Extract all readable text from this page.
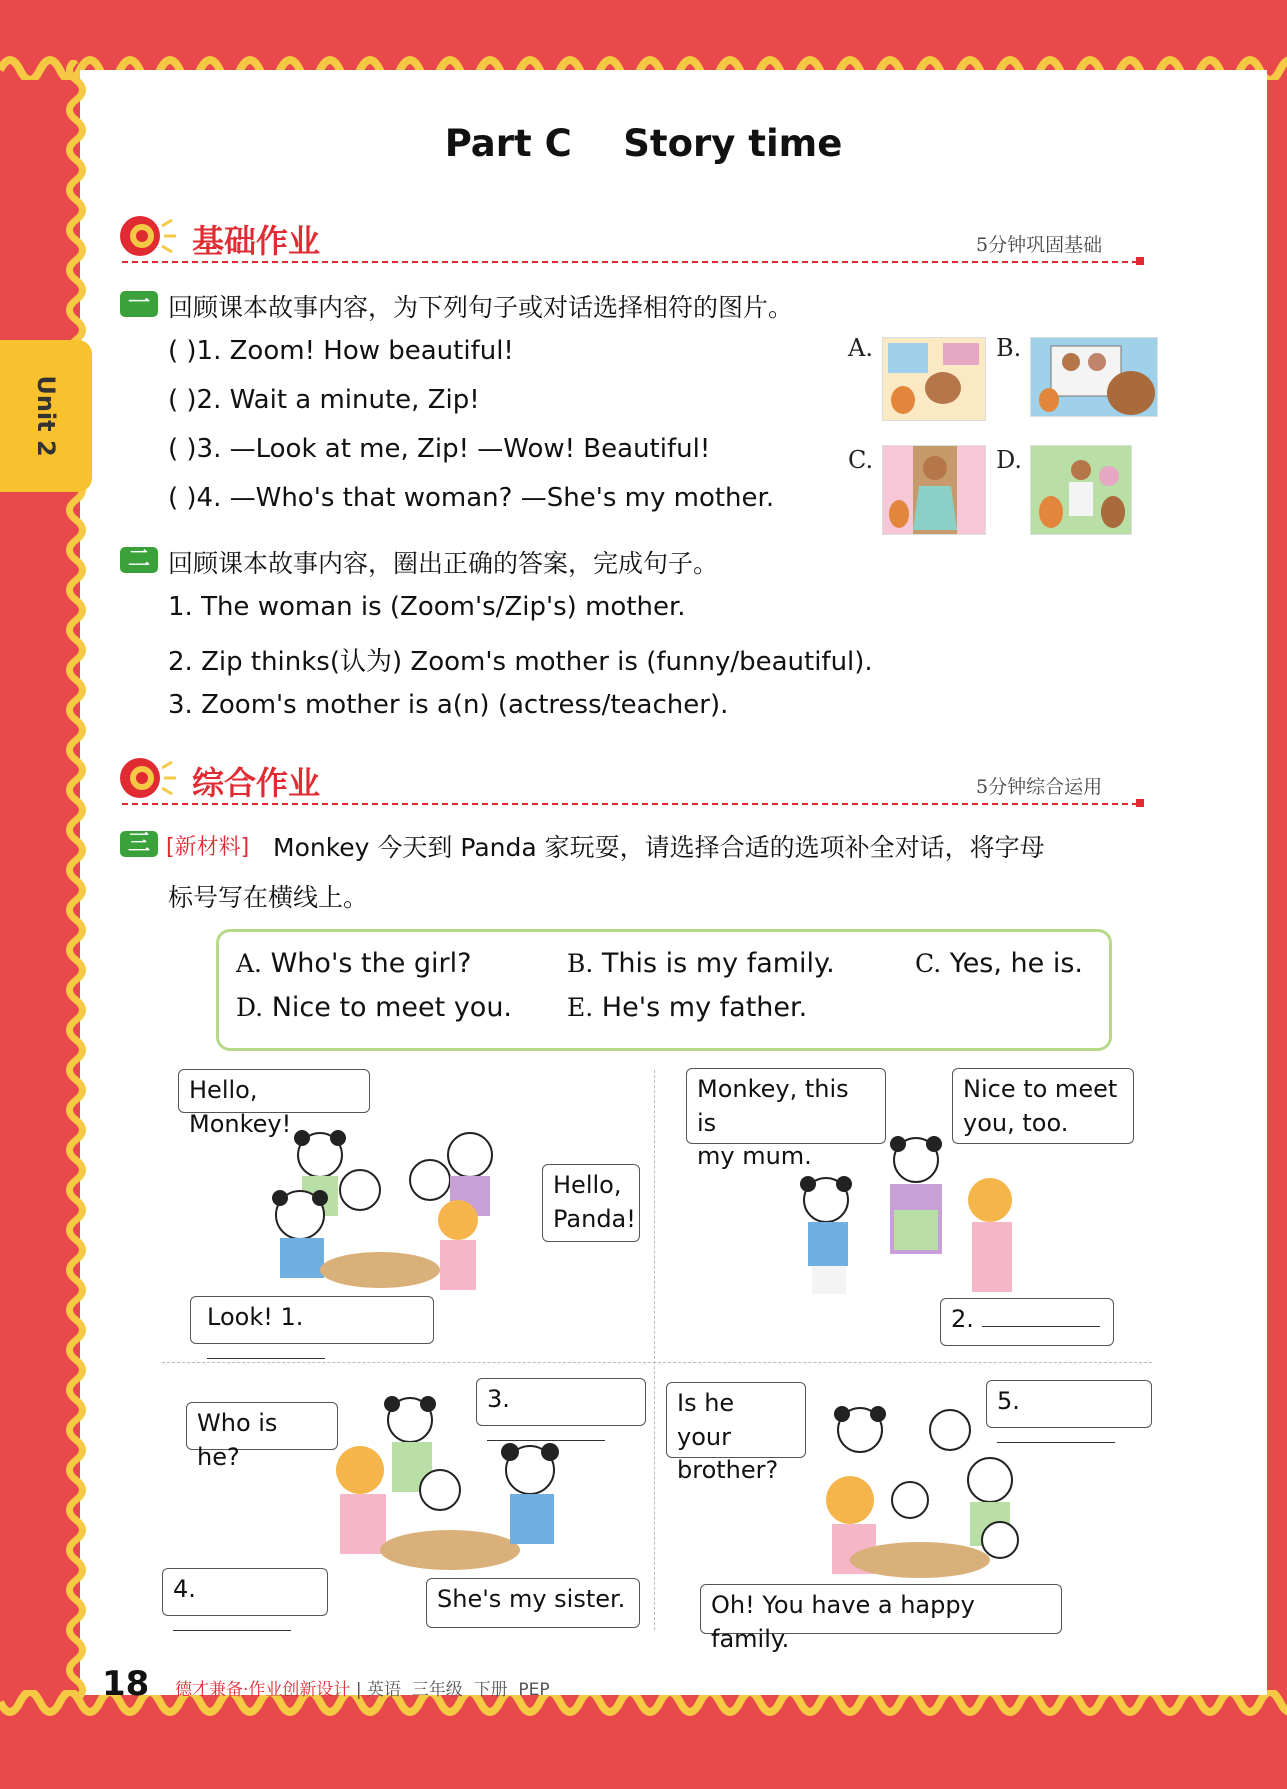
Unit 2
Part C    Story time
基础作业	5分钟巩固基础
一 回顾课本故事内容，为下列句子或对话选择相符的图片。
( )1. Zoom! How beautiful!
( )2. Wait a minute, Zip!
( )3. —Look at me, Zip! —Wow! Beautiful!
( )4. —Who's that woman? —She's my mother.
A.	B.
C.	D.
二 回顾课本故事内容，圈出正确的答案，完成句子。
1. The woman is (Zoom's/Zip's) mother.
2. Zip thinks(认为) Zoom's mother is (funny/beautiful).
3. Zoom's mother is a(n) (actress/teacher).
综合作业	5分钟综合运用
三 [新材料] Monkey 今天到 Panda 家玩耍，请选择合适的选项补全对话，将字母
标号写在横线上。
A. Who's the girl?	B. This is my family.	C. Yes, he is.
D. Nice to meet you. E. He's my father.
Hello, Monkey!
Hello,
Panda!
Look! 1.
Monkey, this is
my mum.
Nice to meet
you, too.
2.
Who is he?
3.
4.	She's my sister.
Is he your
brother?
5.
Oh! You have a happy family.
18 德才兼备·作业创新设计 | 英语 三年级 下册 PEP
